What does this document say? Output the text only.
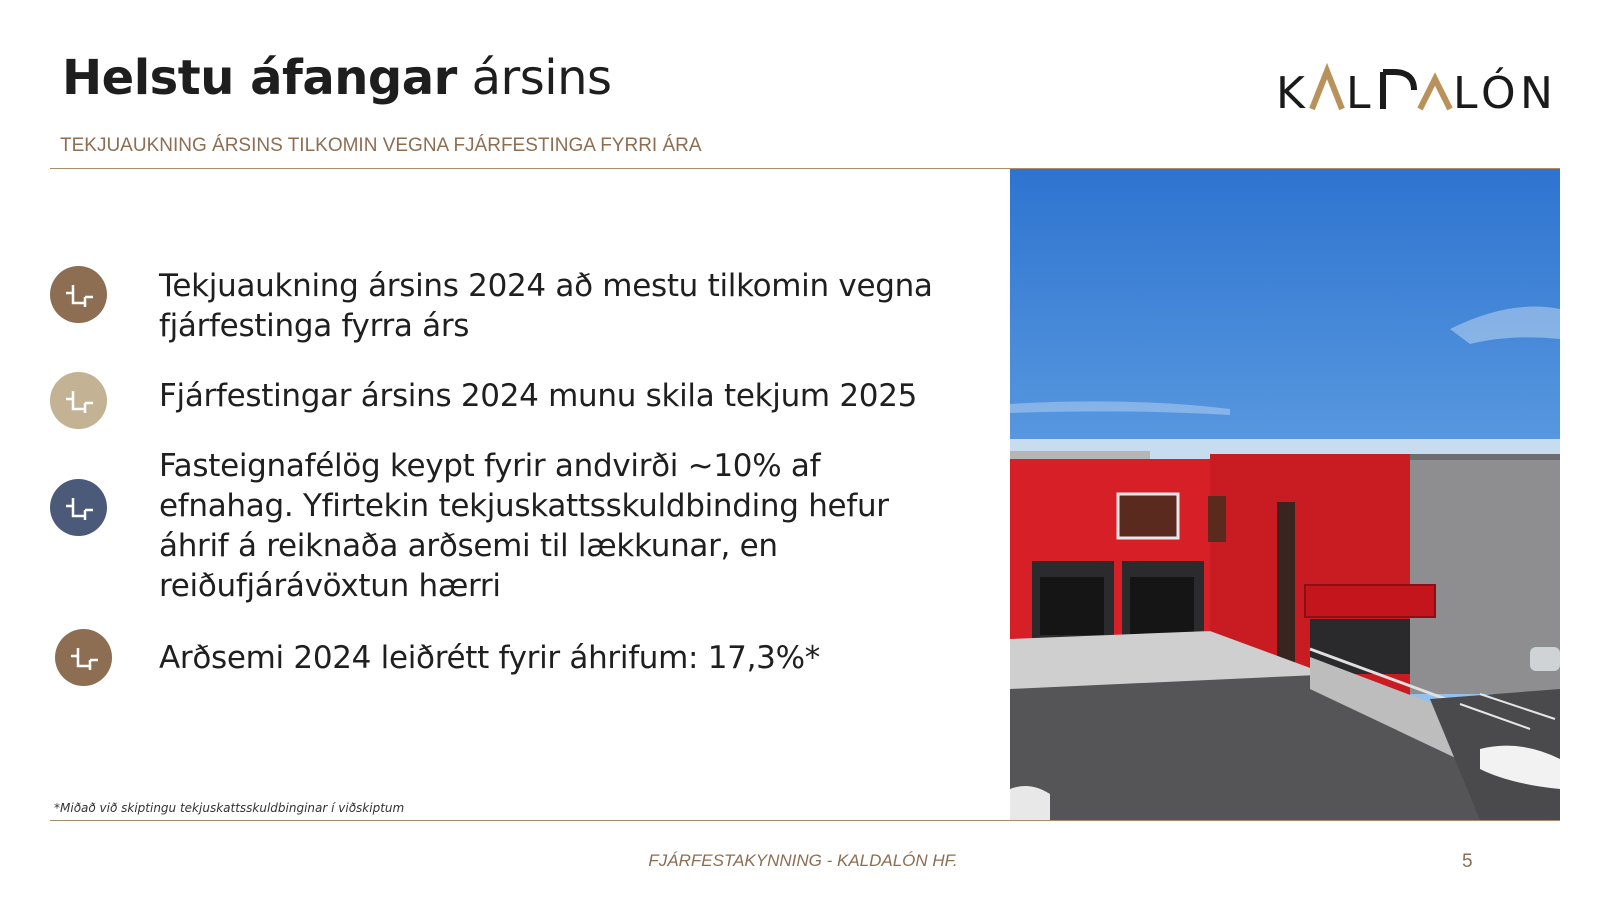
Helstu áfangar ársins	K L L Ó N
TEKJUAUKNING ÁRSINS TILKOMIN VEGNA FJÁRFESTINGA FYRRI ÁRA
Tekjuaukning ársins 2024 að mestu tilkomin vegna fjárfestinga fyrra árs
Fjárfestingar ársins 2024 munu skila tekjum 2025
Fasteignafélög keypt fyrir andvirði ~10% af efnahag. Yfirtekin tekjuskattsskuldbinding hefur áhrif á reiknaða arðsemi til lækkunar, en reiðufjárávöxtun hærri
Arðsemi 2024 leiðrétt fyrir áhrifum: 17,3%*
*Miðað við skiptingu tekjuskattsskuldbinginar í viðskiptum
FJÁRFESTAKYNNING - KALDALÓN HF.	5
